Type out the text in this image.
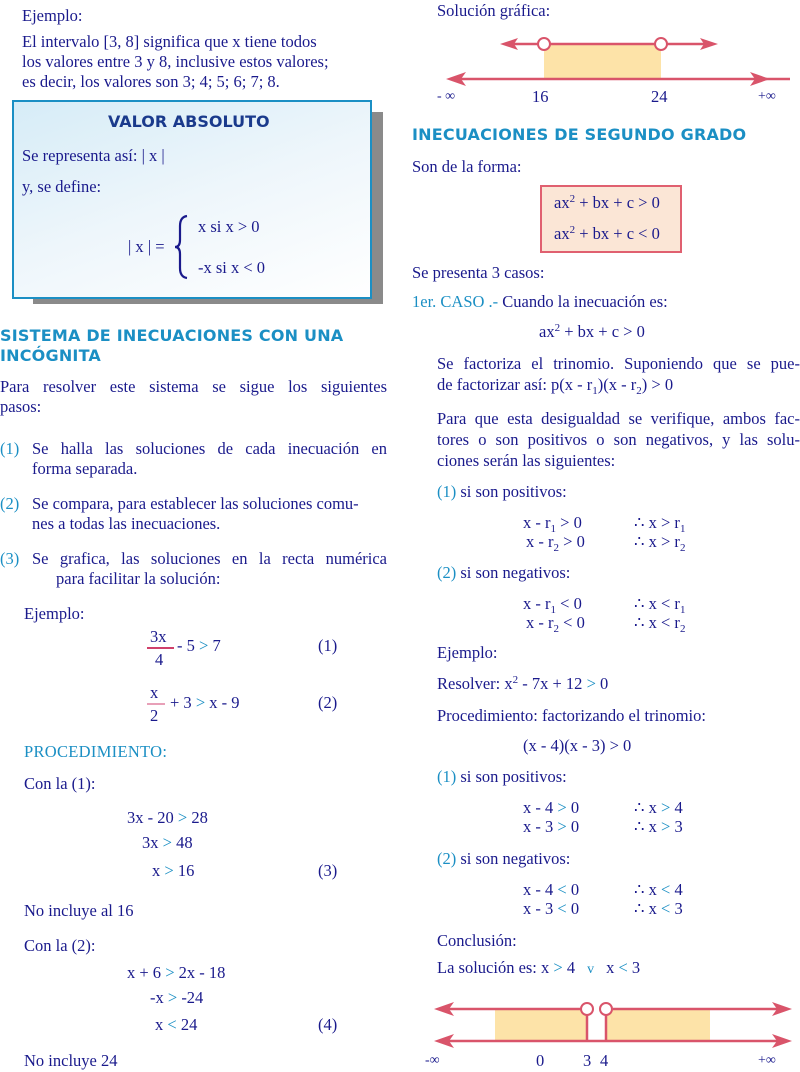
Ejemplo:
El intervalo [3, 8] significa que x tiene todos
los valores entre 3 y 8, inclusive estos valores;
es decir, los valores son 3; 4; 5; 6; 7; 8.
VALOR ABSOLUTO
Se representa así: | x |
y, se define:
| x | =
x si x > 0
-x si x < 0
SISTEMA DE INECUACIONES CON UNA
INCÓGNITA
Para resolver este sistema se sigue los siguientes
pasos:
(1) Se halla las soluciones de cada inecuación en
forma separada.
(2) Se compara, para establecer las soluciones comu-
nes a todas las inecuaciones.
(3) Se grafica, las soluciones en la recta numérica
para facilitar la solución:
Ejemplo:
3x
4
- 5 > 7	(1)
x
2
+ 3 > x - 9	(2)
PROCEDIMIENTO:
Con la (1):
3x - 20 > 28
3x > 48
x > 16	(3)
No incluye al 16
Con la (2):
x + 6 > 2x - 18
-x > -24
x < 24	(4)
No incluye 24
Solución gráfica:
- ∞	16	24	+∞
INECUACIONES DE SEGUNDO GRADO
Son de la forma:
$ax^2$ + bx + c > 0
$ax^2$ + bx + c < 0
Se presenta 3 casos:
1er. CASO .- Cuando la inecuación es:
$ax^2$ + bx + c > 0
Se factoriza el trinomio. Suponiendo que se pue-
de factorizar así: $p(x - r_1)(x - r_2) > 0$
Para que esta desigualdad se verifique, ambos fac-
tores o son positivos o son negativos, y las solu-
ciones serán las siguientes:
(1) si son positivos:
$x - r_1 > 0$	∴ $x > r_1$
$x - r_2 > 0$	∴ $x > r_2$
(2) si son negativos:
$x - r_1 < 0$	∴ $x < r_1$
$x - r_2 < 0$	∴ $x < r_2$
Ejemplo:
Resolver: $x^2 - 7x + 12 > 0$
Procedimiento: factorizando el trinomio:
(x - 4)(x - 3) > 0
(1) si son positivos:
x - 4 > 0	∴ x > 4
x - 3 > 0	∴ x > 3
(2) si son negativos:
x - 4 < 0	∴ x < 4
x - 3 < 0	∴ x < 3
Conclusión:
La solución es: x > 4 v x < 3
-∞	0 3 4	+∞
